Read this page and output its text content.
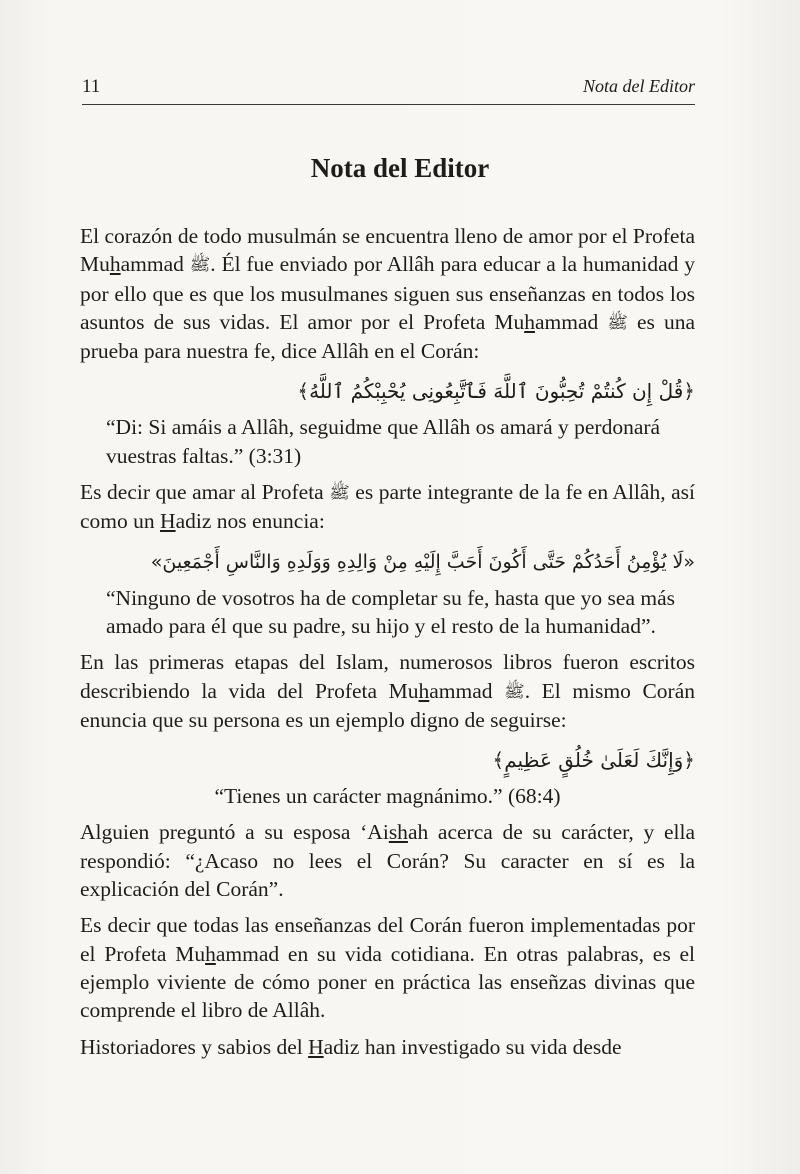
11	Nota del Editor
Nota del Editor

El corazón de todo musulmán se encuentra lleno de amor por el Profeta Muhammad ﷺ. Él fue enviado por Allâh para educar a la humanidad y por ello que es que los musulmanes siguen sus enseñanzas en todos los asuntos de sus vidas. El amor por el Profeta Muhammad ﷺ es una prueba para nuestra fe, dice Allâh en el Corán:

﴿قُلْ إِن كُنتُمْ تُحِبُّونَ ٱللَّهَ فَٱتَّبِعُونِى يُحْبِبْكُمُ ٱللَّهُ﴾

“Di: Si amáis a Allâh, seguidme que Allâh os amará y perdonará vuestras faltas.” (3:31)

Es decir que amar al Profeta ﷺ es parte integrante de la fe en Allâh, así como un Hadiz nos enuncia:

«لَا يُؤْمِنُ أَحَدُكُمْ حَتَّى أَكُونَ أَحَبَّ إِلَيْهِ مِنْ وَالِدِهِ وَوَلَدِهِ وَالنَّاسِ أَجْمَعِينَ»

“Ninguno de vosotros ha de completar su fe, hasta que yo sea más amado para él que su padre, su hijo y el resto de la humanidad”.

En las primeras etapas del Islam, numerosos libros fueron escritos describiendo la vida del Profeta Muhammad ﷺ. El mismo Corán enuncia que su persona es un ejemplo digno de seguirse:

﴿وَإِنَّكَ لَعَلَىٰ خُلُقٍ عَظِيمٍ﴾

“Tienes un carácter magnánimo.” (68:4)

Alguien preguntó a su esposa ‘Aishah acerca de su carácter, y ella respondió: “¿Acaso no lees el Corán? Su caracter en sí es la explicación del Corán”.

Es decir que todas las enseñanzas del Corán fueron implementadas por el Profeta Muhammad en su vida cotidiana. En otras palabras, es el ejemplo viviente de cómo poner en práctica las enseñzas divinas que comprende el libro de Allâh.

Historiadores y sabios del Hadiz han investigado su vida desde
